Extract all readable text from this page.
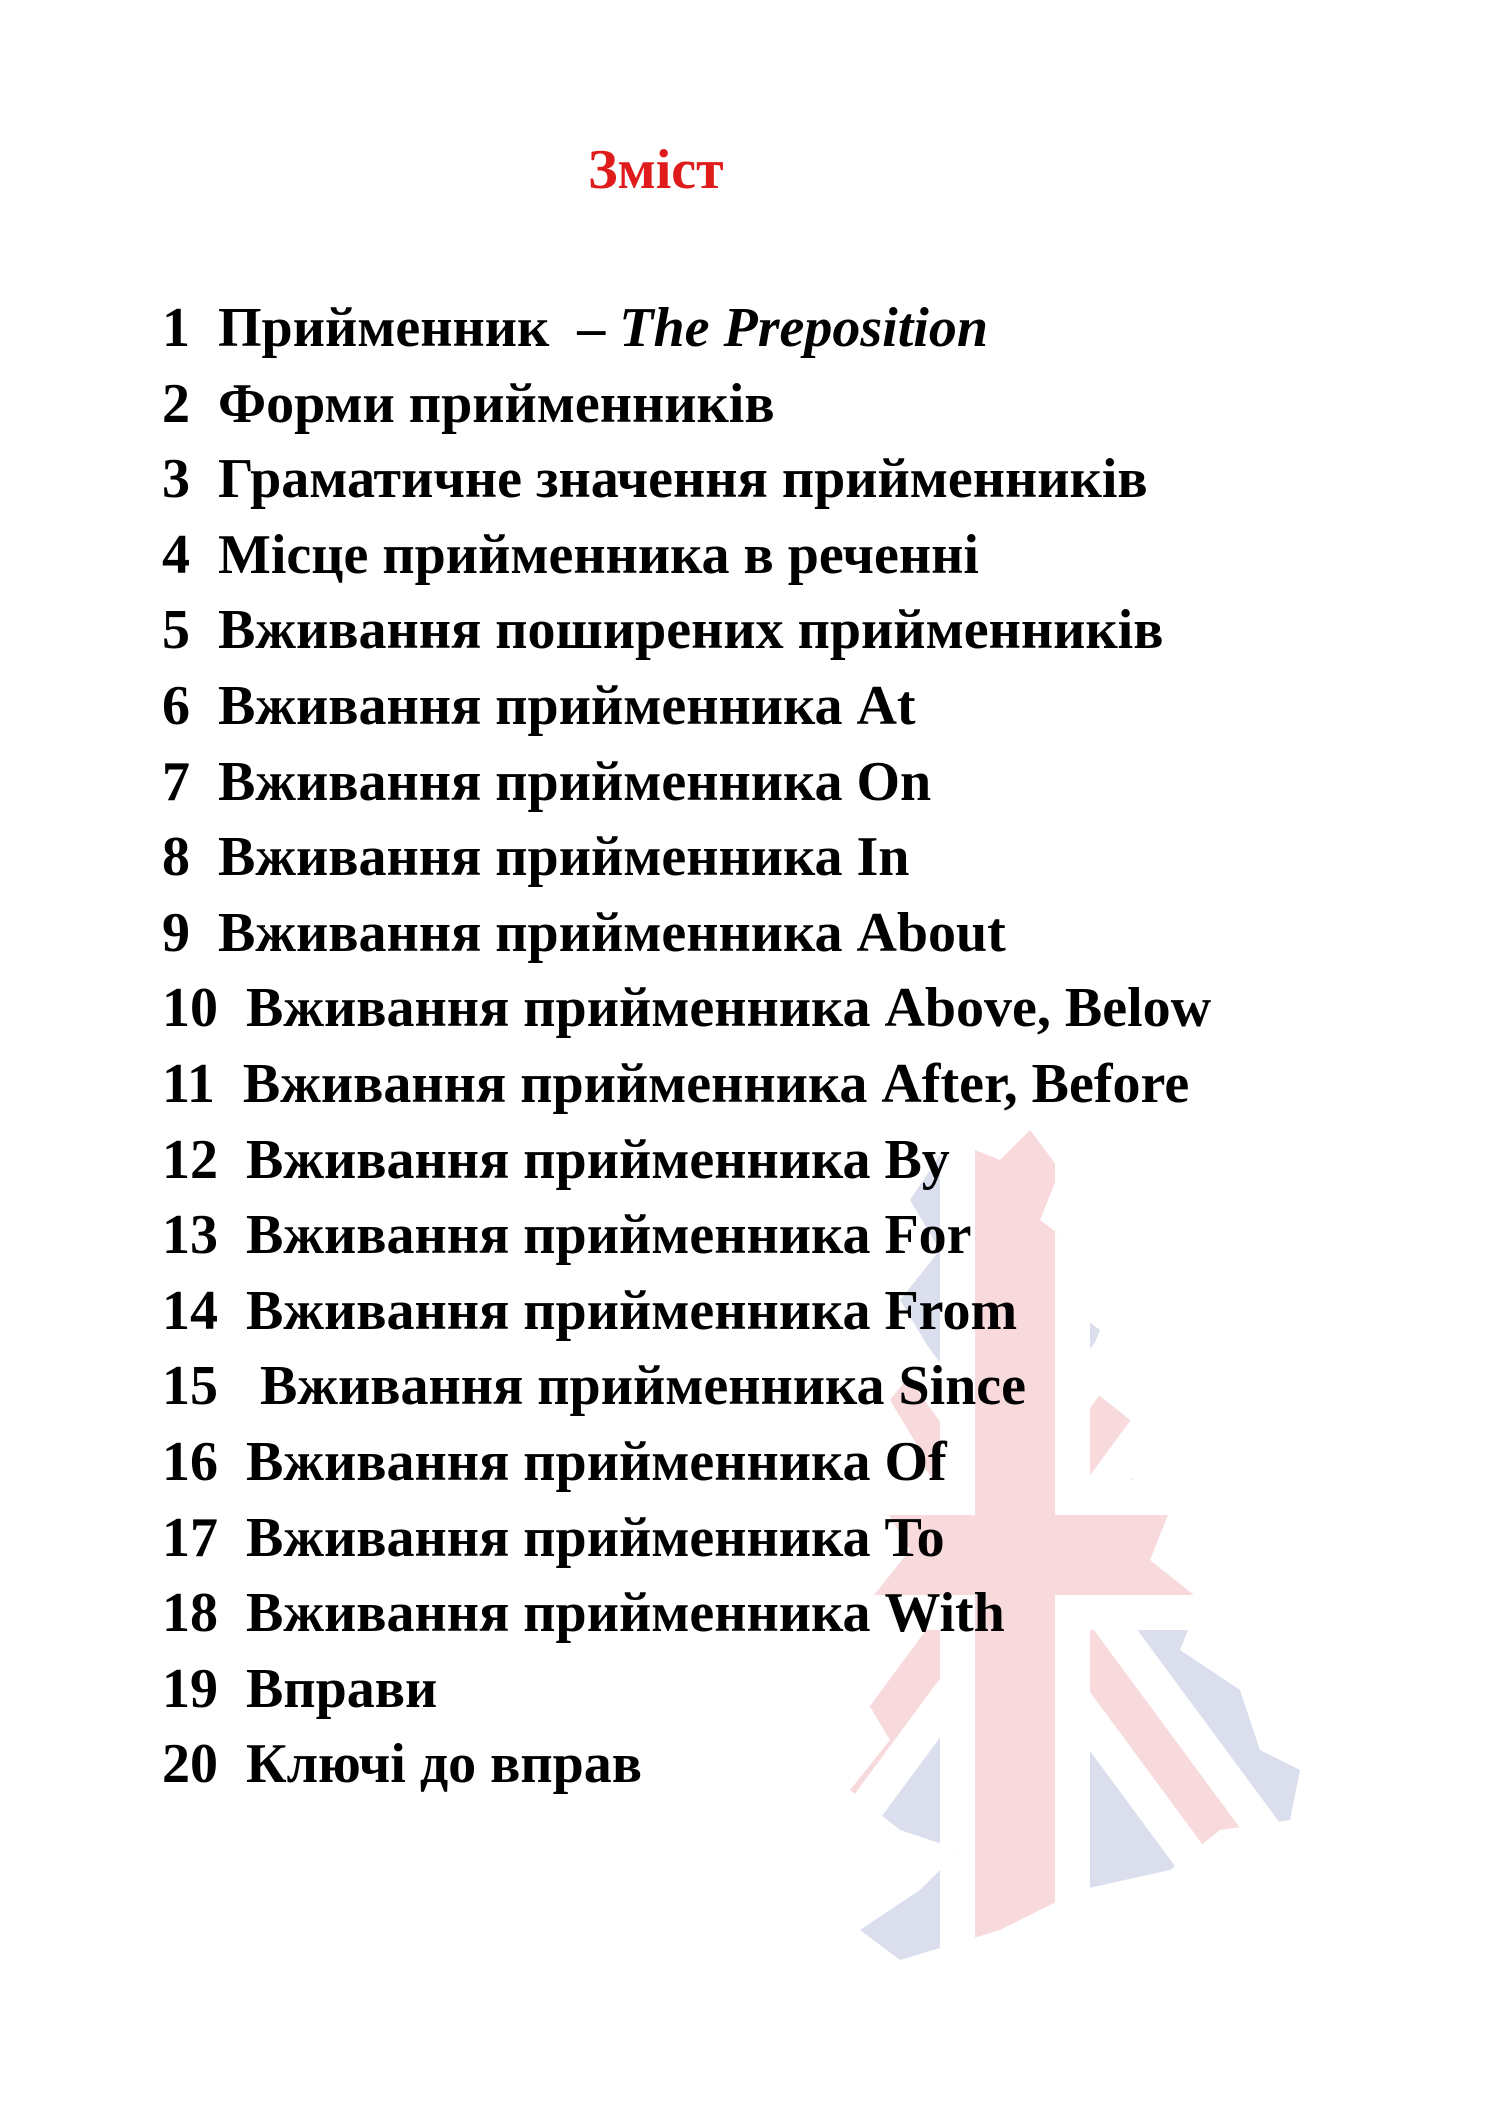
Зміст
1  Прийменник  – The Preposition
2  Форми прийменників
3  Граматичне значення прийменників
4  Місце прийменника в реченні
5  Вживання поширених прийменників
6  Вживання прийменника At
7  Вживання прийменника On
8  Вживання прийменника In
9  Вживання прийменника About
10  Вживання прийменника Above, Below
11  Вживання прийменника After, Before
12  Вживання прийменника By
13  Вживання прийменника For
14  Вживання прийменника From
15   Вживання прийменника Since
16  Вживання прийменника Of
17  Вживання прийменника To
18  Вживання прийменника With
19  Вправи
20  Ключі до вправ
